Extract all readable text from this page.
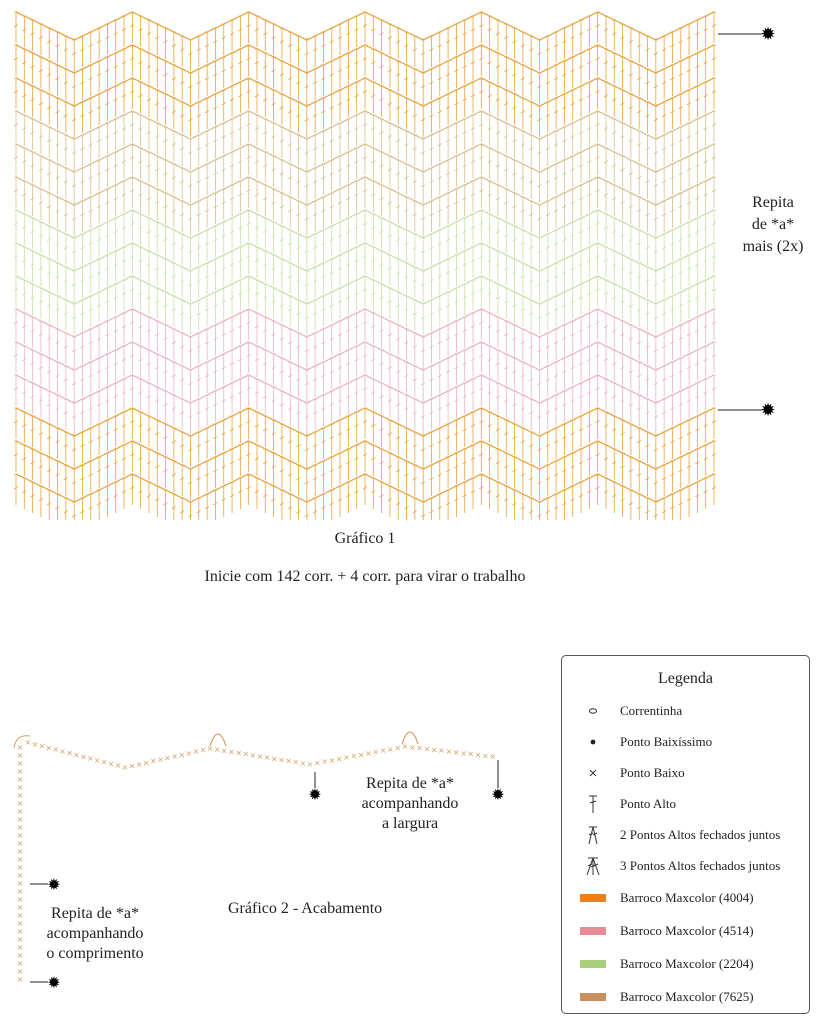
✹
✹
Repita
de *a*
mais (2x)
Gráfico 1
Inicie com 142 corr. + 4 corr. para virar o trabalho
×
×
×
×
×
×
×
×
×
×
×
×
×
×
×
×
×
×
×
×
×
×
×
×
×
×
×
×
×
×
× × × × × × × × × × × × × × × × × × × × × × × × × × × × × × × × × × × × × × × × × × × × × × × × × × × × × × × × × × × × × × × × × ×
✹	✹
✹
✹
Repita de *a*
acompanhando
a largura
Repita de *a*
acompanhando
o comprimento
Gráfico 2 - Acabamento
Legenda
Correntinha
Ponto Baixíssimo
Ponto Baixo
Ponto Alto
2 Pontos Altos fechados juntos
3 Pontos Altos fechados juntos
Barroco Maxcolor (4004)
Barroco Maxcolor (4514)
Barroco Maxcolor (2204)
Barroco Maxcolor (7625)
